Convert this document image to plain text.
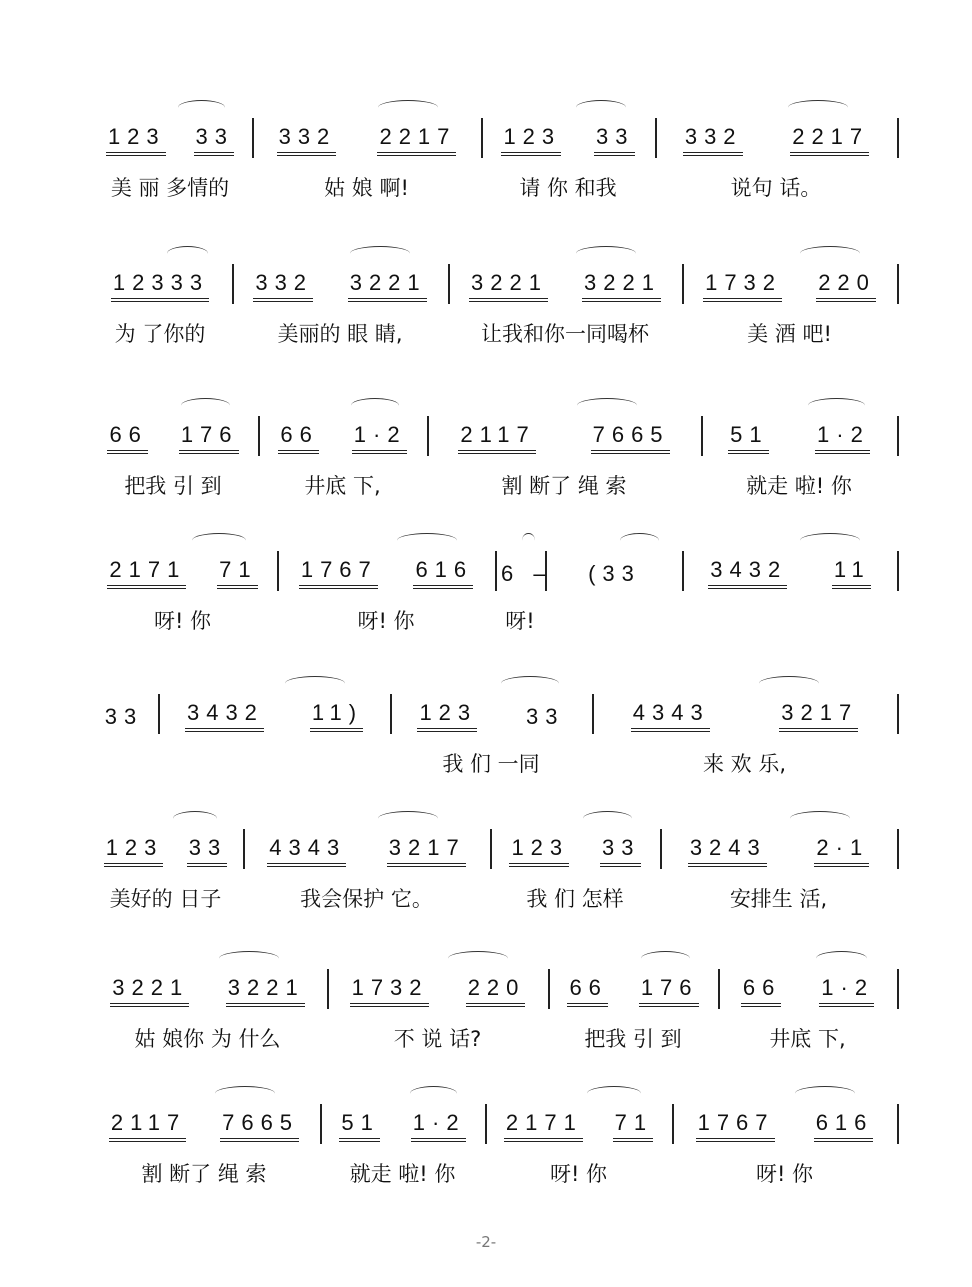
-2-
123 33
美 丽 多情的
332 2217
姑 娘 啊!
123 33
请 你 和我
332 2217
说句 话。
12333
为 了你的
332 3221
美丽的 眼 睛,
3221 3221
让我和你一同喝杯
1732 220
美 酒 吧!
66 176
把我 引 到
66 1·2
井底 下,
2117	7665
割 断了 绳 索
51 1·2
就走 啦! 你
2171 71
呀! 你
1767 616
呀! 你
6 –
呀!
(33	3432 11
33 3432 11)	123 33
我 们 一同
4343	3217
来 欢 乐,
123 33
美好的 日子
4343 3217
我会保护 它。
123 33
我 们 怎样
3243 2·1
安排生 活,
3221 3221
姑 娘你 为 什么
1732 220
不 说 话?
66 176
把我 引 到
66 1·2
井底 下,
2117 7665
割 断了 绳 索
51 1·2
就走 啦! 你
2171 71
呀! 你
1767 616
呀! 你
